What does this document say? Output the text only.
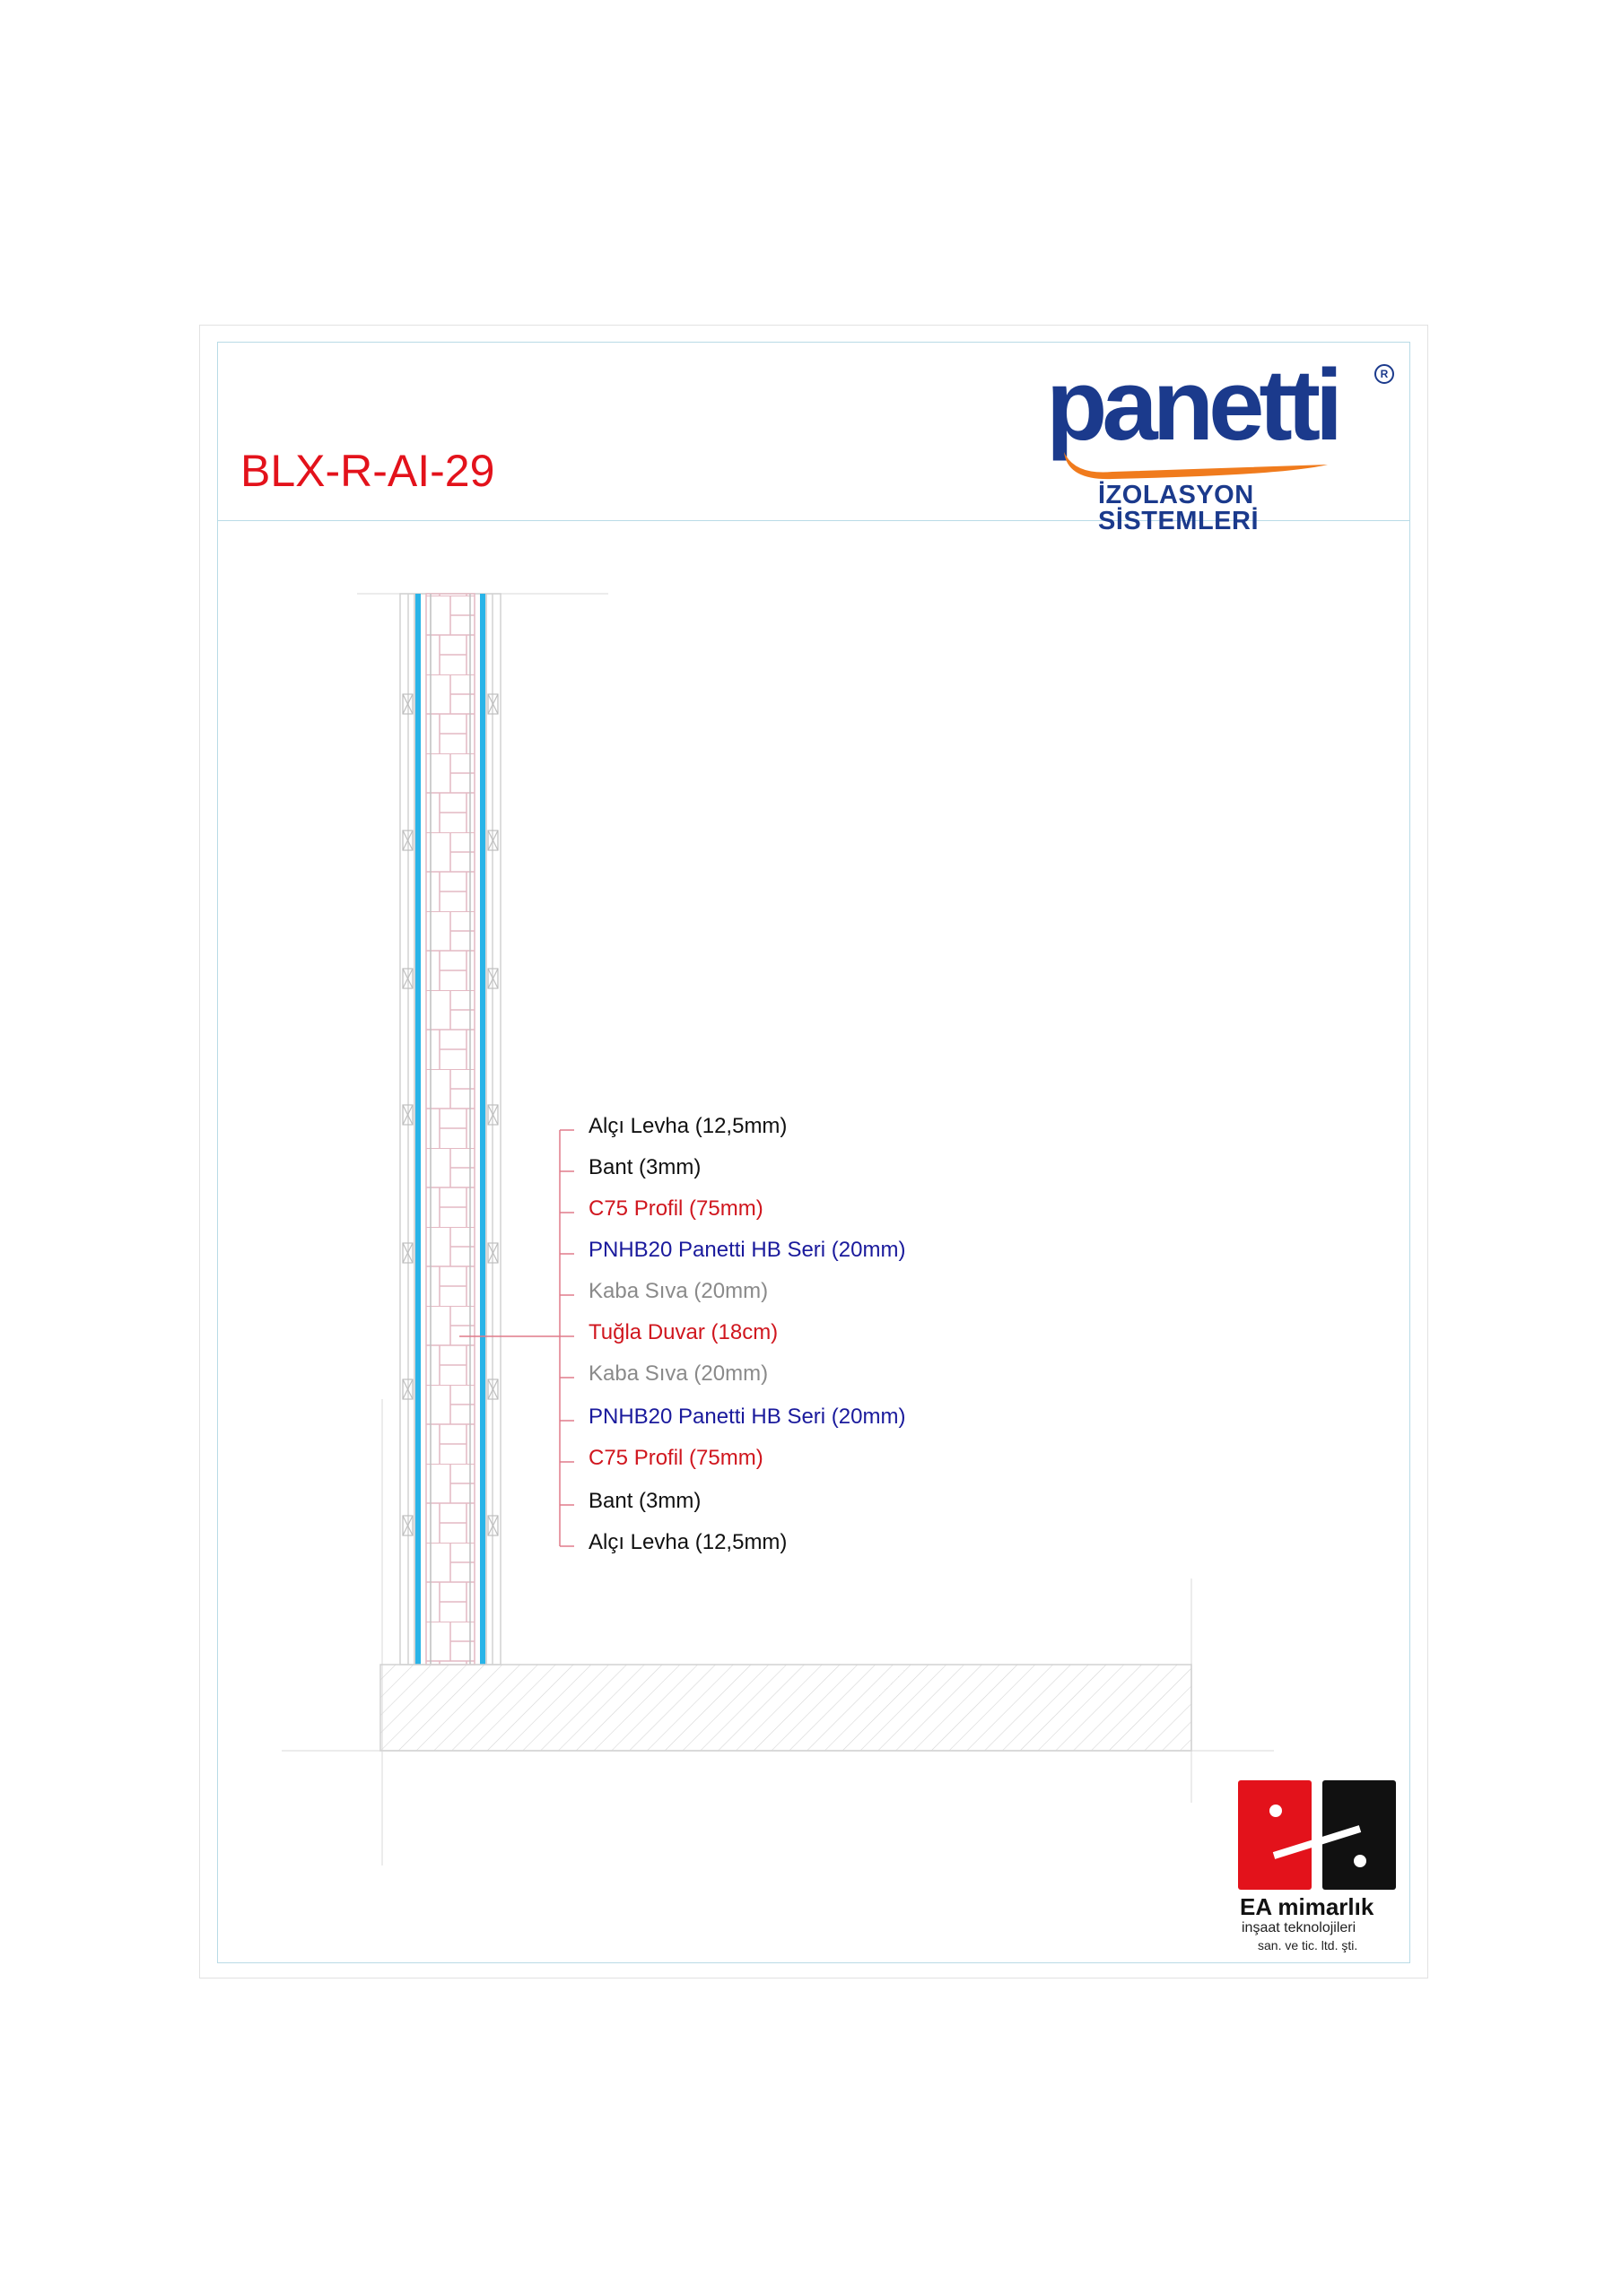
BLX-R-AI-29
panetti	R
İZOLASYON SİSTEMLERİ
Alçı Levha (12,5mm)
Bant (3mm)
C75 Profil (75mm)
PNHB20 Panetti HB Seri (20mm)
Kaba Sıva (20mm)
Tuğla Duvar (18cm)
Kaba Sıva (20mm)
PNHB20 Panetti HB Seri (20mm)
C75 Profil (75mm)
Bant (3mm)
Alçı Levha (12,5mm)
EA mimarlık
inşaat teknolojileri
san. ve tic. ltd. şti.
